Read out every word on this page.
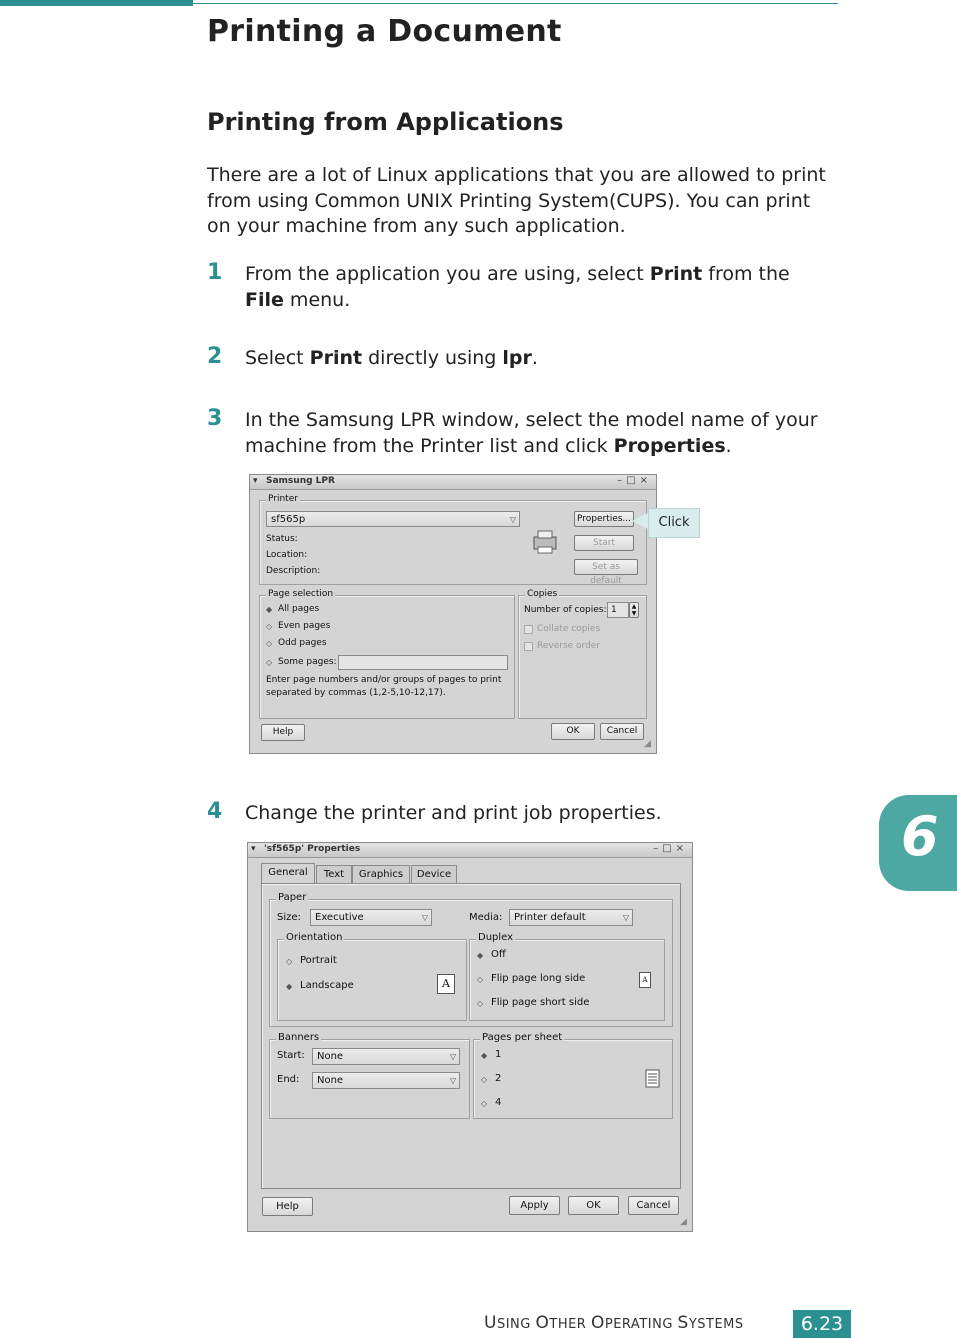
Printing a Document
Printing from Applications
There are a lot of Linux applications that you are allowed to print from using Common UNIX Printing System(CUPS). You can print on your machine from any such application.
1 From the application you are using, select Print from the
File menu.
2 Select Print directly using lpr.
3 In the Samsung LPR window, select the model name of your machine from the Printer list and click Properties.
▾ Samsung LPR	–□×
Printer
sf565p	▽
Status:
Location:
Description:
Properties...
Start
Set as default
Page selection
◆ All pages
◇ Even pages
◇ Odd pages
◇ Some pages:
Enter page numbers and/or groups of pages to print
separated by commas (1,2-5,10-12,17).
Copies
Number of copies: 1	▲
▼
Collate copies
Reverse order
Help	OK	Cancel
◢
Click
4 Change the printer and print job properties.
▾ 'sf565p' Properties	–□×
General	Text	Graphics	Device
Paper
Size:	Executive	▽	Media:	Printer default	▽
Orientation
◇ Portrait
◆ Landscape	A
Duplex
◆ Off
◇ Flip page long side
◇ Flip page short side
A
Banners
Start:	None	▽
End:	None	▽
Pages per sheet
◆ 1
◇ 2
◇ 4
Help	Apply	OK	Cancel
◢
6
USING OTHER OPERATING SYSTEMS	6.23
